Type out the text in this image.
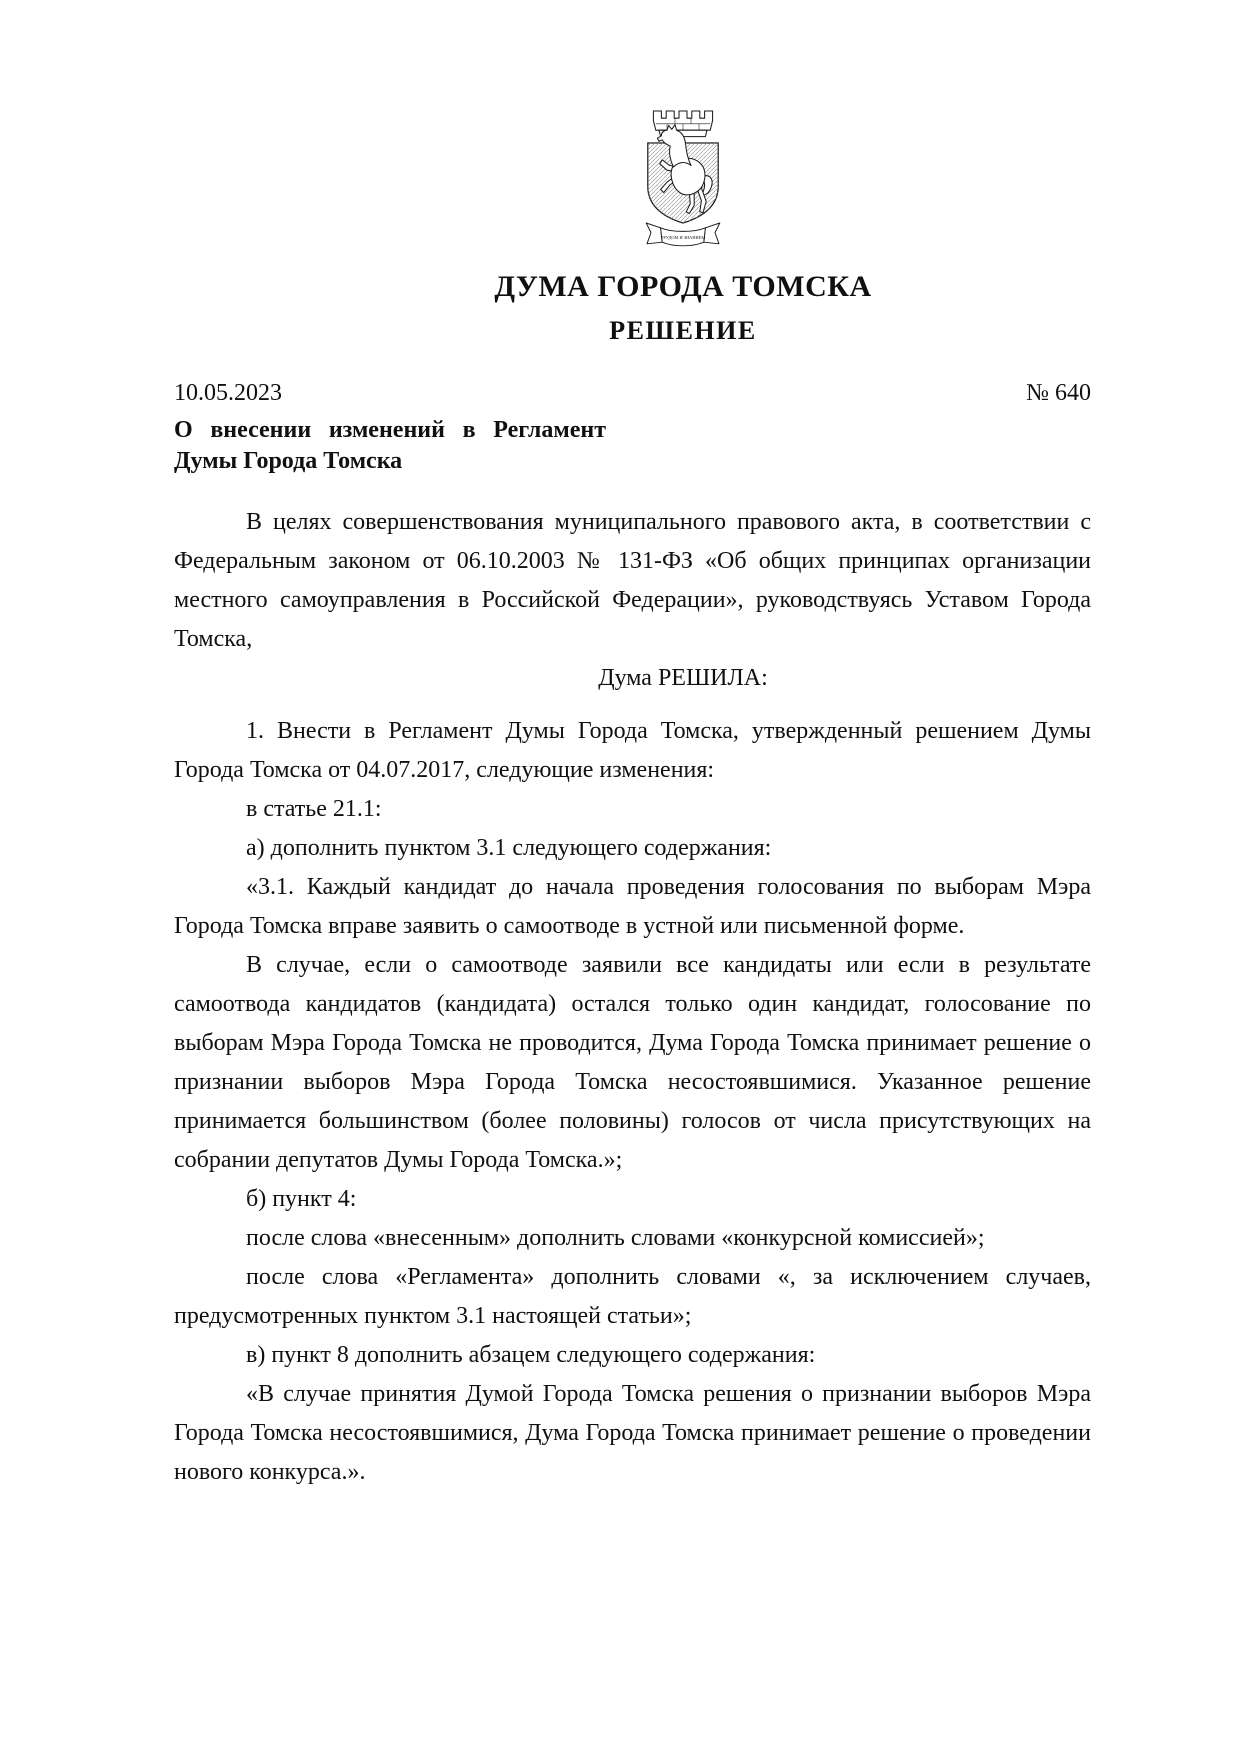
ТРУДОМ И ЗНАНИЕМ
ДУМА ГОРОДА ТОМСКА
РЕШЕНИЕ
10.05.2023	№ 640
О внесении изменений в Регламент
Думы Города Томска

В целях совершенствования муниципального правового акта, в соответствии с Федеральным законом от 06.10.2003 № 131-ФЗ «Об общих принципах организации местного самоуправления в Российской Федерации», руководствуясь Уставом Города Томска,

Дума РЕШИЛА:

1. Внести в Регламент Думы Города Томска, утвержденный решением Думы Города Томска от 04.07.2017, следующие изменения:

в статье 21.1:

а) дополнить пунктом 3.1 следующего содержания:

«3.1. Каждый кандидат до начала проведения голосования по выборам Мэра Города Томска вправе заявить о самоотводе в устной или письменной форме.

В случае, если о самоотводе заявили все кандидаты или если в результате самоотвода кандидатов (кандидата) остался только один кандидат, голосование по выборам Мэра Города Томска не проводится, Дума Города Томска принимает решение о признании выборов Мэра Города Томска несостоявшимися. Указанное решение принимается большинством (более половины) голосов от числа присутствующих на собрании депутатов Думы Города Томска.»;

б) пункт 4:

после слова «внесенным» дополнить словами «конкурсной комиссией»;

после слова «Регламента» дополнить словами «, за исключением случаев, предусмотренных пунктом 3.1 настоящей статьи»;

в) пункт 8 дополнить абзацем следующего содержания:

«В случае принятия Думой Города Томска решения о признании выборов Мэра Города Томска несостоявшимися, Дума Города Томска принимает решение о проведении нового конкурса.».
